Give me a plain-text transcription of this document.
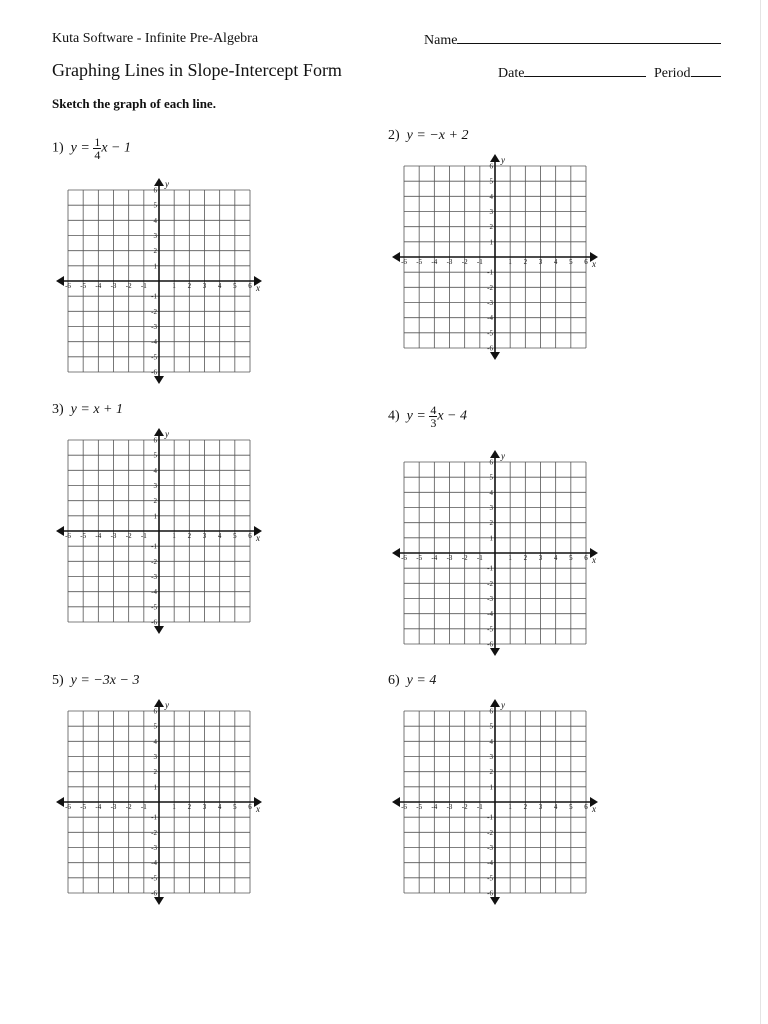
Kuta Software - Infinite Pre-Algebra	Name
Graphing Lines in Slope-Intercept Form	Date	Period
Sketch the graph of each line.
1) $y = \frac{1}{4}$ x − 1
2) y = −x + 2
3) y = x + 1	4) $y = \frac{4}{3}$ x − 4
5) y = −3x − 3	6) y = 4
x
y
-6 -5 -4 -3 -2 -1	1 2 3 4 5 6
6
5
4
3
2
1
-1
-2
-3
-4
-5
-6
x
y
-6 -5 -4 -3 -2 -1	1 2 3 4 5 6
6
5
4
3
2
1
-1
-2
-3
-4
-5
-6
x
y
-6 -5 -4 -3 -2 -1	1 2 3 4 5 6
6
5
4
3
2
1
-1
-2
-3
-4
-5
-6
x
y
-6 -5 -4 -3 -2 -1	1 2 3 4 5 6
6
5
4
3
2
1
-1
-2
-3
-4
-5
-6
x
y
-6 -5 -4 -3 -2 -1	1 2 3 4 5 6
6
5
4
3
2
1
-1
-2
-3
-4
-5
-6
x
y
-6 -5 -4 -3 -2 -1	1 2 3 4 5 6
6
5
4
3
2
1
-1
-2
-3
-4
-5
-6
